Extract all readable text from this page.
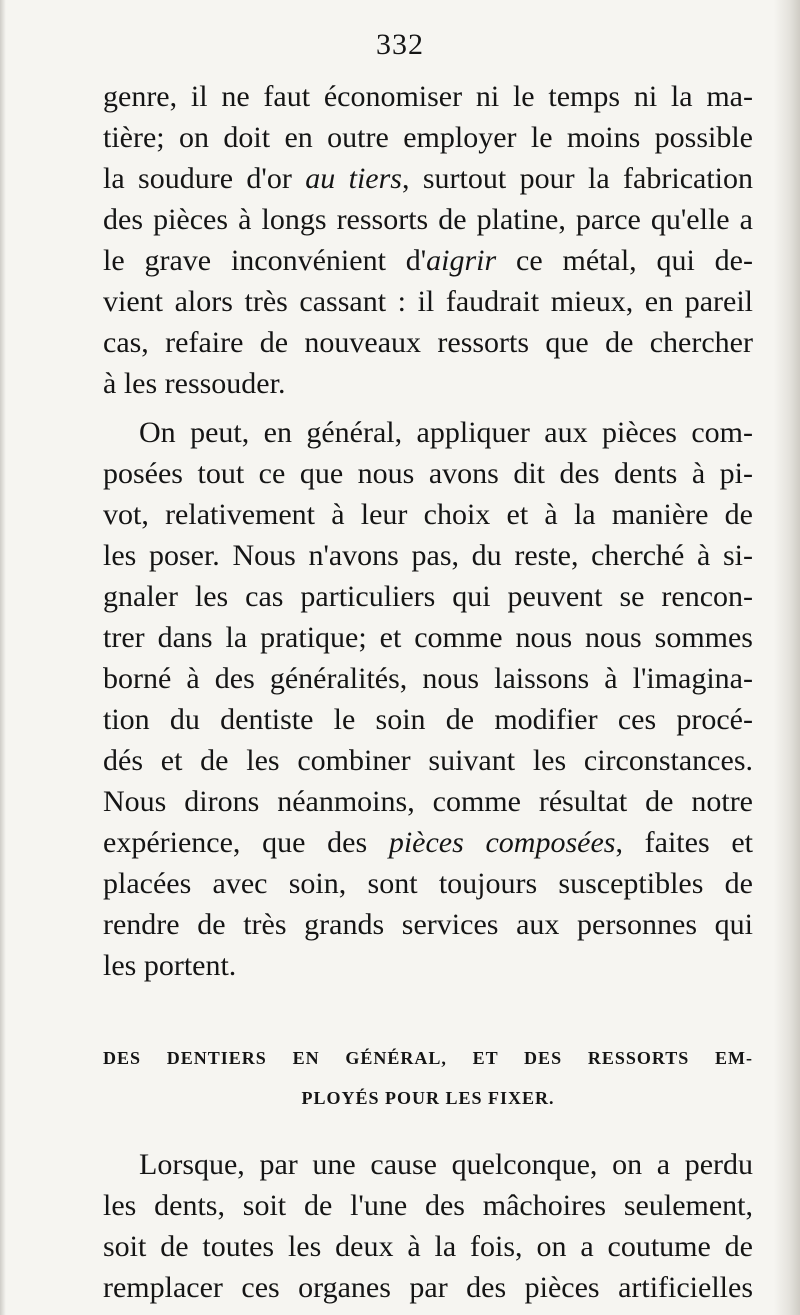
332
genre, il ne faut économiser ni le temps ni la ma-
tière; on doit en outre employer le moins possible
la soudure d'or au tiers, surtout pour la fabrication
des pièces à longs ressorts de platine, parce qu'elle a
le grave inconvénient d'aigrir ce métal, qui de-
vient alors très cassant : il faudrait mieux, en pareil
cas, refaire de nouveaux ressorts que de chercher
à les ressouder.
On peut, en général, appliquer aux pièces com-
posées tout ce que nous avons dit des dents à pi-
vot, relativement à leur choix et à la manière de
les poser. Nous n'avons pas, du reste, cherché à si-
gnaler les cas particuliers qui peuvent se rencon-
trer dans la pratique; et comme nous nous sommes
borné à des généralités, nous laissons à l'imagina-
tion du dentiste le soin de modifier ces procé-
dés et de les combiner suivant les circonstances.
Nous dirons néanmoins, comme résultat de notre
expérience, que des pièces composées, faites et
placées avec soin, sont toujours susceptibles de
rendre de très grands services aux personnes qui
les portent.
DES DENTIERS EN GÉNÉRAL, ET DES RESSORTS EM-
PLOYÉS POUR LES FIXER.
Lorsque, par une cause quelconque, on a perdu
les dents, soit de l'une des mâchoires seulement,
soit de toutes les deux à la fois, on a coutume de
remplacer ces organes par des pièces artificielles
